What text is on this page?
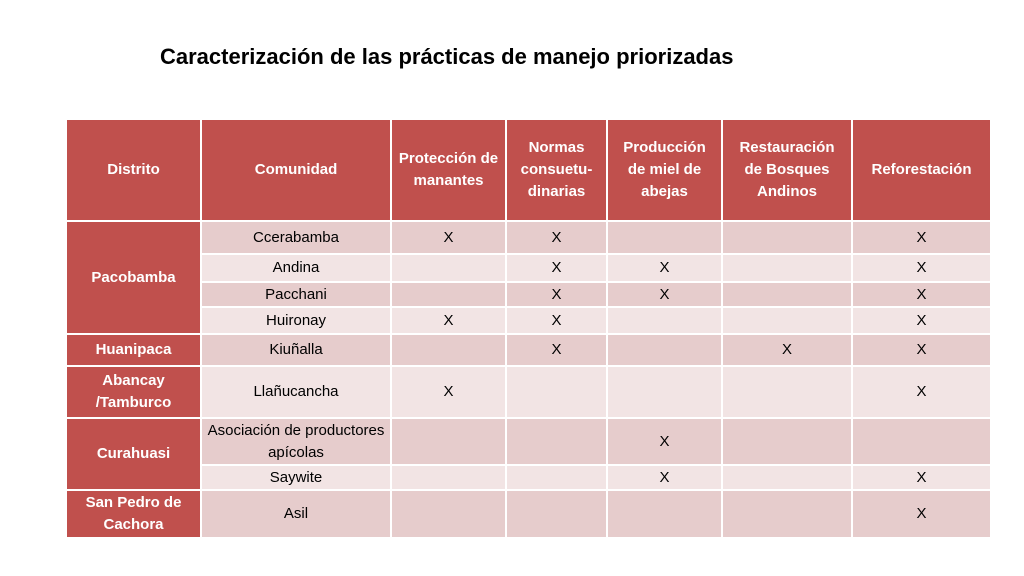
Caracterización de las prácticas de manejo priorizadas
Distrito	Comunidad	Protección de manantes	Normas consuetu- dinarias	Producción de miel de abejas	Restauración de Bosques Andinos	Reforestación
Pacobamba	Ccerabamba	X	X			X
	Andina		X	X		X
	Pacchani		X	X		X
	Huironay	X	X			X
Huanipaca	Kiuñalla		X		X	X
Abancay /Tamburco	Llañucancha	X				X
Curahuasi	Asociación de productores apícolas			X		
	Saywite			X		X
San Pedro de Cachora	Asil					X
